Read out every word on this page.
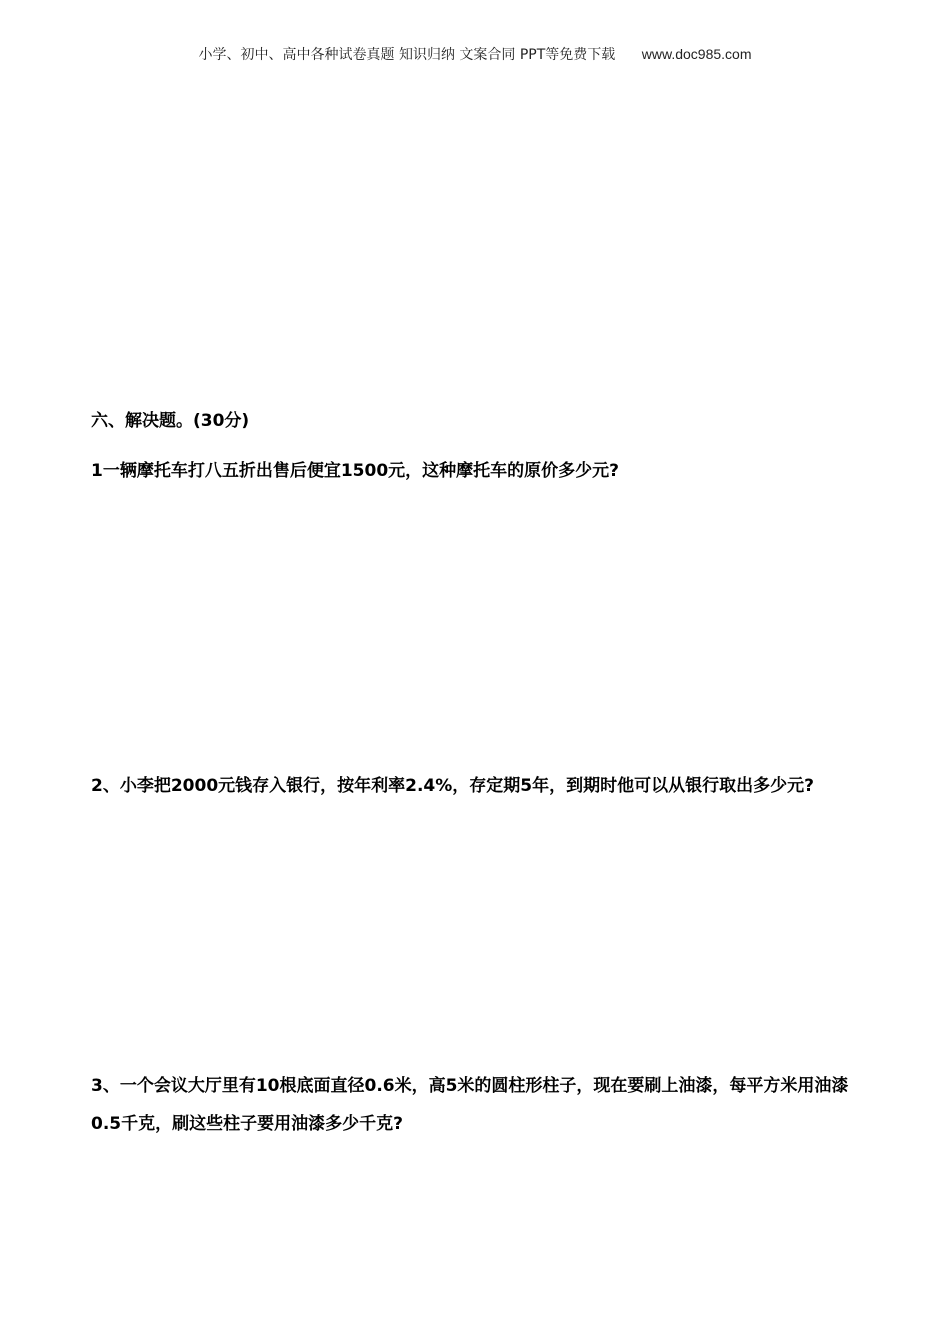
小学、初中、高中各种试卷真题 知识归纳 文案合同 PPT等免费下载 www.doc985.com
六、解决题。(30分)
1一辆摩托车打八五折出售后便宜1500元，这种摩托车的原价多少元?
2、小李把2000元钱存入银行，按年利率2.4%，存定期5年，到期时他可以从银行取出多少元?
3、一个会议大厅里有10根底面直径0.6米，高5米的圆柱形柱子，现在要刷上油漆，每平方米用油漆0.5千克，刷这些柱子要用油漆多少千克?
